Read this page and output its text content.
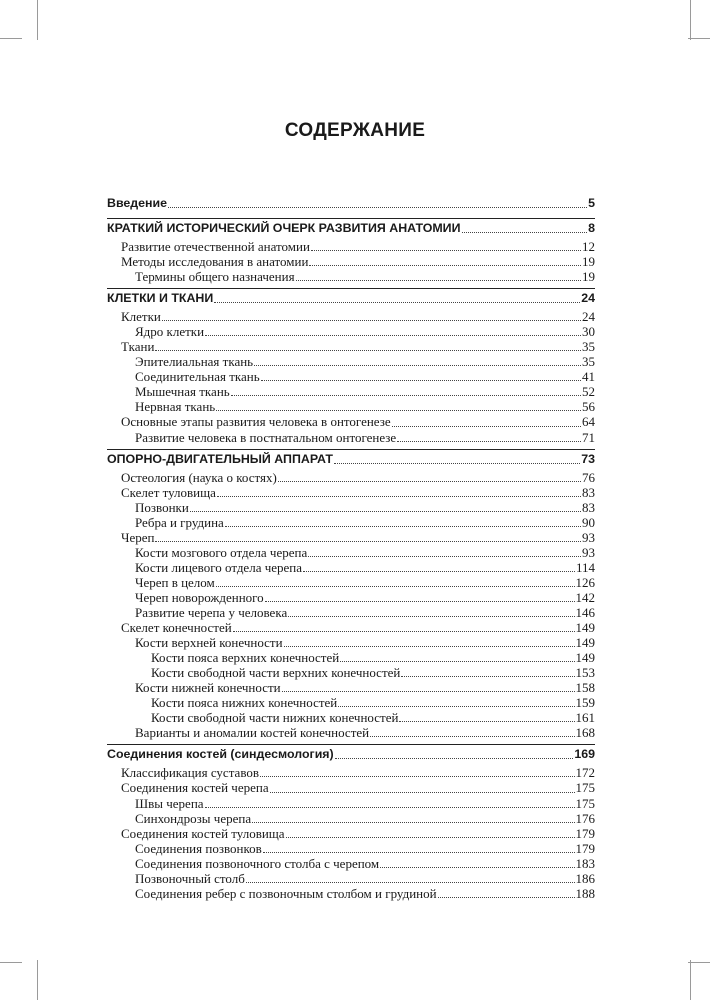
СОДЕРЖАНИЕ
Введение	5
КРАТКИЙ ИСТОРИЧЕСКИЙ ОЧЕРК РАЗВИТИЯ АНАТОМИИ	8
Развитие отечественной анатомии	12
Методы исследования в анатомии	19
Термины общего назначения	19
КЛЕТКИ И ТКАНИ	24
Клетки	24
Ядро клетки	30
Ткани	35
Эпителиальная ткань	35
Соединительная ткань	41
Мышечная ткань	52
Нервная ткань	56
Основные этапы развития человека в онтогенезе	64
Развитие человека в постнатальном онтогенезе	71
ОПОРНО-ДВИГАТЕЛЬНЫЙ АППАРАТ	73
Остеология (наука о костях)	76
Скелет туловища	83
Позвонки	83
Ребра и грудина	90
Череп	93
Кости мозгового отдела черепа	93
Кости лицевого отдела черепа	114
Череп в целом	126
Череп новорожденного	142
Развитие черепа у человека	146
Скелет конечностей	149
Кости верхней конечности	149
Кости пояса верхних конечностей	149
Кости свободной части верхних конечностей	153
Кости нижней конечности	158
Кости пояса нижних конечностей	159
Кости свободной части нижних конечностей	161
Варианты и аномалии костей конечностей	168
Соединения костей (синдесмология)	169
Классификация суставов	172
Соединения костей черепа	175
Швы черепа	175
Синхондрозы черепа	176
Соединения костей туловища	179
Соединения позвонков	179
Соединения позвоночного столба с черепом	183
Позвоночный столб	186
Соединения ребер с позвоночным столбом и грудиной	188
